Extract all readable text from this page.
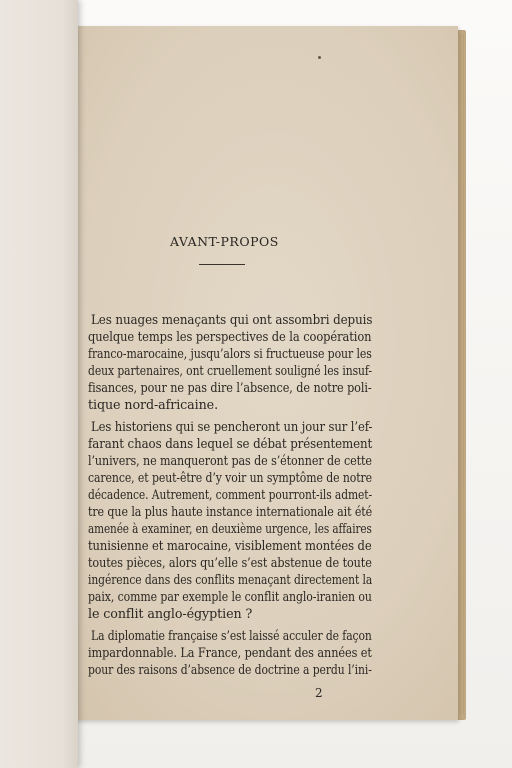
AVANT-PROPOS
Les nuages menaçants qui ont assombri depuis
quelque temps les perspectives de la coopération
franco-marocaine, jusqu’alors si fructueuse pour les
deux partenaires, ont cruellement souligné les insuf-
fisances, pour ne pas dire l’absence, de notre poli-
tique nord-africaine.
Les historiens qui se pencheront un jour sur l’ef-
farant chaos dans lequel se débat présentement
l’univers, ne manqueront pas de s’étonner de cette
carence, et peut-être d’y voir un symptôme de notre
décadence. Autrement, comment pourront-ils admet-
tre que la plus haute instance internationale ait été
amenée à examiner, en deuxième urgence, les affaires
tunisienne et marocaine, visiblement montées de
toutes pièces, alors qu’elle s’est abstenue de toute
ingérence dans des conflits menaçant directement la
paix, comme par exemple le conflit anglo-iranien ou
le conflit anglo-égyptien ?
La diplomatie française s’est laissé acculer de façon
impardonnable. La France, pendant des années et
pour des raisons d’absence de doctrine a perdu l’ini-
2
